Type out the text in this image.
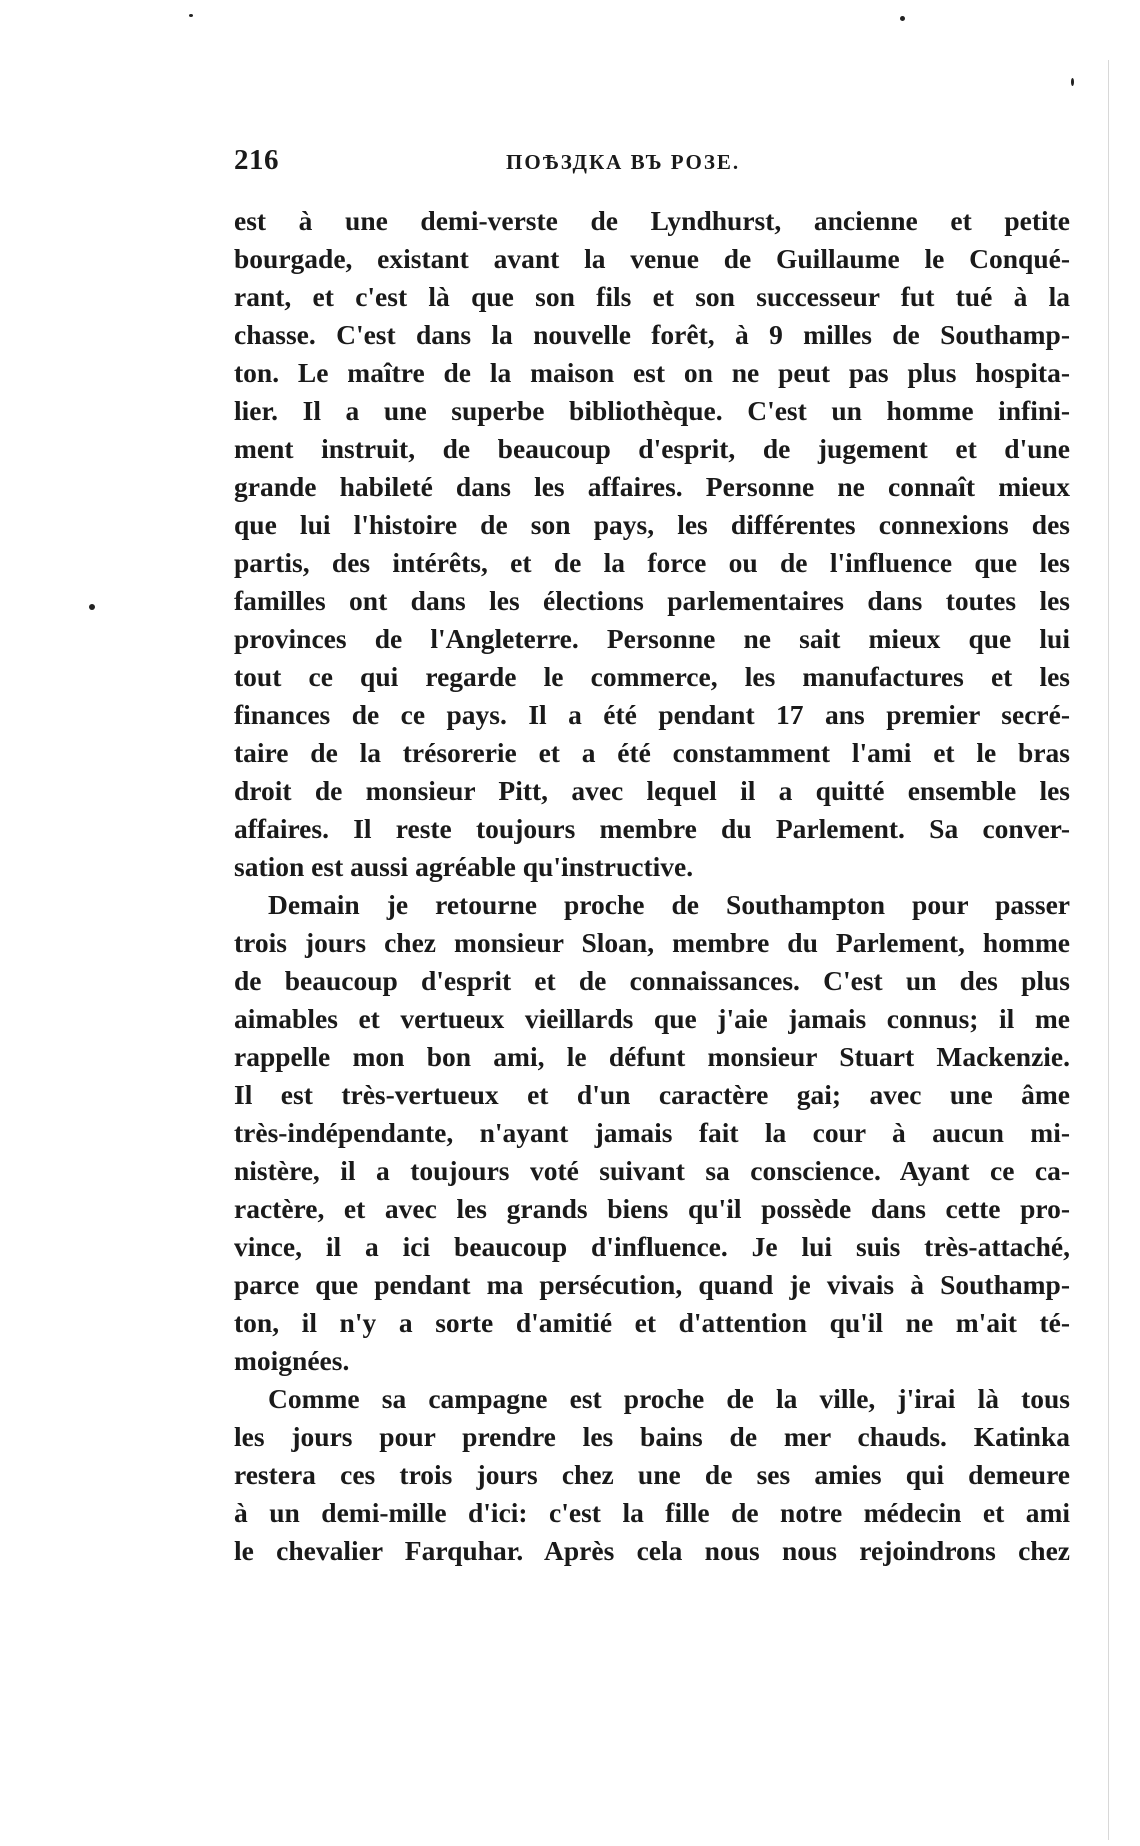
216	ПОѢЗДКА ВЪ РОЗЕ.
est à une demi-verste de Lyndhurst, ancienne et petite
bourgade, existant avant la venue de Guillaume le Conqué-
rant, et c'est là que son fils et son successeur fut tué à la
chasse. C'est dans la nouvelle forêt, à 9 milles de Southamp-
ton. Le maître de la maison est on ne peut pas plus hospita-
lier. Il a une superbe bibliothèque. C'est un homme infini-
ment instruit, de beaucoup d'esprit, de jugement et d'une
grande habileté dans les affaires. Personne ne connaît mieux
que lui l'histoire de son pays, les différentes connexions des
partis, des intérêts, et de la force ou de l'influence que les
familles ont dans les élections parlementaires dans toutes les
provinces de l'Angleterre. Personne ne sait mieux que lui
tout ce qui regarde le commerce, les manufactures et les
finances de ce pays. Il a été pendant 17 ans premier secré-
taire de la trésorerie et a été constamment l'ami et le bras
droit de monsieur Pitt, avec lequel il a quitté ensemble les
affaires. Il reste toujours membre du Parlement. Sa conver-
sation est aussi agréable qu'instructive.
Demain je retourne proche de Southampton pour passer
trois jours chez monsieur Sloan, membre du Parlement, homme
de beaucoup d'esprit et de connaissances. C'est un des plus
aimables et vertueux vieillards que j'aie jamais connus; il me
rappelle mon bon ami, le défunt monsieur Stuart Mackenzie.
Il est très-vertueux et d'un caractère gai; avec une âme
très-indépendante, n'ayant jamais fait la cour à aucun mi-
nistère, il a toujours voté suivant sa conscience. Ayant ce ca-
ractère, et avec les grands biens qu'il possède dans cette pro-
vince, il a ici beaucoup d'influence. Je lui suis très-attaché,
parce que pendant ma persécution, quand je vivais à Southamp-
ton, il n'y a sorte d'amitié et d'attention qu'il ne m'ait té-
moignées.
Comme sa campagne est proche de la ville, j'irai là tous
les jours pour prendre les bains de mer chauds. Katinka
restera ces trois jours chez une de ses amies qui demeure
à un demi-mille d'ici: c'est la fille de notre médecin et ami
le chevalier Farquhar. Après cela nous nous rejoindrons chez
